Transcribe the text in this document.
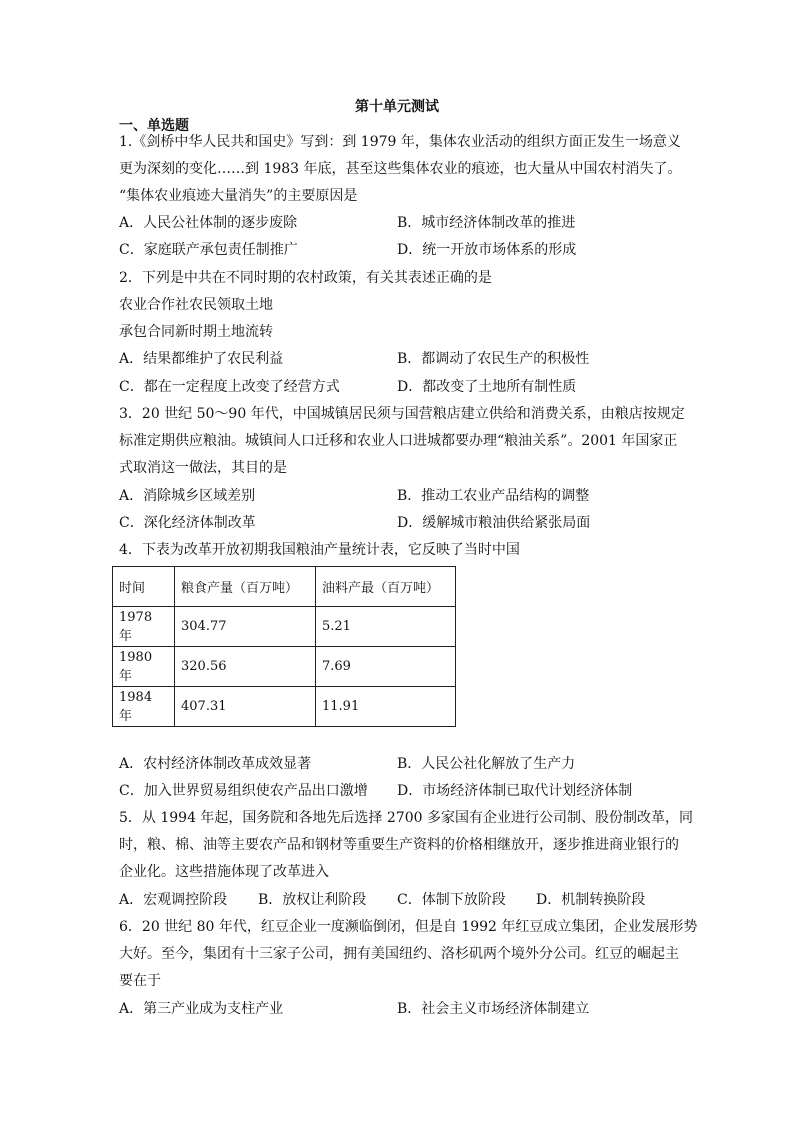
第十单元测试
一、单选题
1.《剑桥中华人民共和国史》写到：到 1979 年，集体农业活动的组织方面正发生一场意义
更为深刻的变化……到 1983 年底，甚至这些集体农业的痕迹，也大量从中国农村消失了。
“集体农业痕迹大量消失”的主要原因是
A．人民公社体制的逐步废除	B．城市经济体制改革的推进
C．家庭联产承包责任制推广	D．统一开放市场体系的形成
2．下列是中共在不同时期的农村政策，有关其表述正确的是
农业合作社农民领取土地
承包合同新时期土地流转
A．结果都维护了农民利益	B．都调动了农民生产的积极性
C．都在一定程度上改变了经营方式	D．都改变了土地所有制性质
3．20 世纪 50～90 年代，中国城镇居民须与国营粮店建立供给和消费关系，由粮店按规定
标准定期供应粮油。城镇间人口迁移和农业人口进城都要办理“粮油关系”。2001 年国家正
式取消这一做法，其目的是
A．消除城乡区域差别	B．推动工农业产品结构的调整
C．深化经济体制改革	D．缓解城市粮油供给紧张局面
4．下表为改革开放初期我国粮油产量统计表，它反映了当时中国
时间	粮食产量（百万吨）	油料产最（百万吨）
1978 年	304.77	5.21
1980 年	320.56	7.69
1984 年	407.31	11.91
A．农村经济体制改革成效显著	B．人民公社化解放了生产力
C．加入世界贸易组织使农产品出口激增 D．市场经济体制已取代计划经济体制
5．从 1994 年起，国务院和各地先后选择 2700 多家国有企业进行公司制、股份制改革，同
时，粮、棉、油等主要农产品和钢材等重要生产资料的价格相继放开，逐步推进商业银行的
企业化。这些措施体现了改革进入
A．宏观调控阶段 B．放权让利阶段 C．体制下放阶段 D．机制转换阶段
6．20 世纪 80 年代，红豆企业一度濒临倒闭，但是自 1992 年红豆成立集团，企业发展形势
大好。至今，集团有十三家子公司，拥有美国纽约、洛杉矶两个境外分公司。红豆的崛起主
要在于
A．第三产业成为支柱产业	B．社会主义市场经济体制建立
